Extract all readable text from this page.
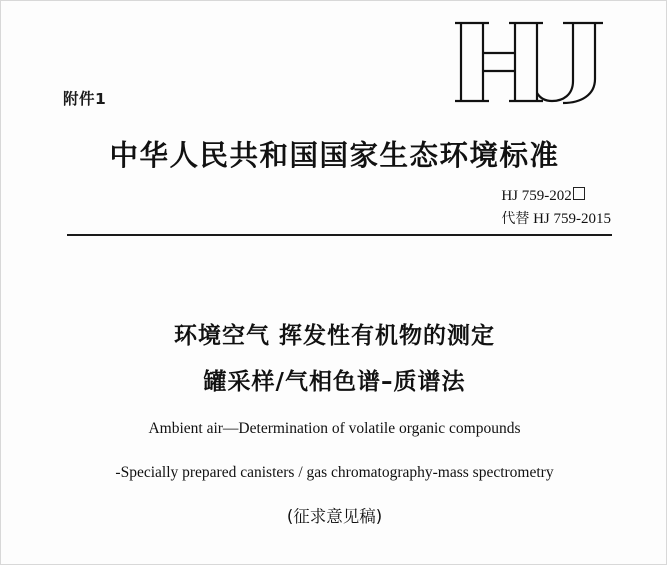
附件1
中华人民共和国国家生态环境标准
HJ 759-202
代替 HJ 759-2015
环境空气 挥发性有机物的测定
罐采样/气相色谱–质谱法
Ambient air—Determination of volatile organic compounds
-Specially prepared canisters / gas chromatography-mass spectrometry
(征求意见稿)
